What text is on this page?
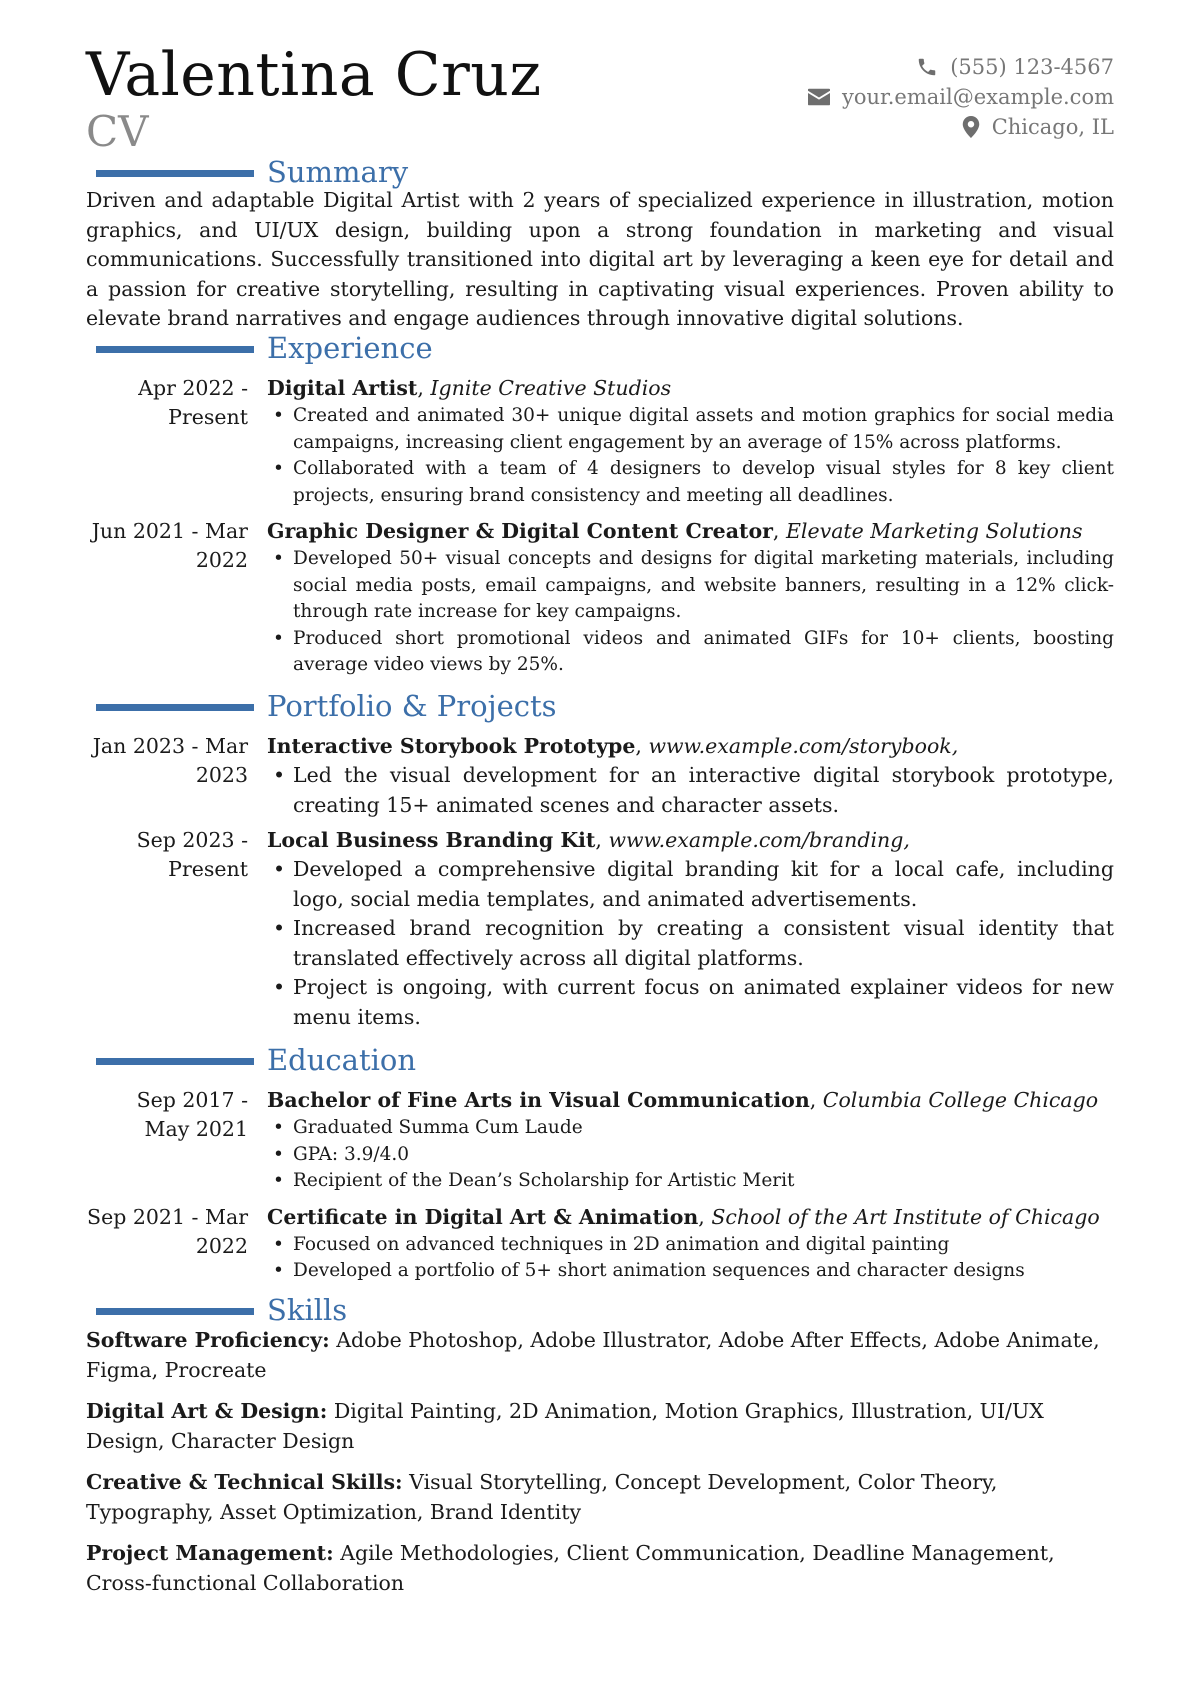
Valentina Cruz
CV
(555) 123-4567
your.email@example.com
Chicago, IL
Summary

Driven and adaptable Digital Artist with 2 years of specialized experience in illustration, motion graphics, and UI/UX design, building upon a strong foundation in marketing and visual communications. Successfully transitioned into digital art by leveraging a keen eye for detail and a passion for creative storytelling, resulting in captivating visual experiences. Proven ability to elevate brand narratives and engage audiences through innovative digital solutions.

Experience
Apr 2022 - Present
Digital Artist, Ignite Creative Studios
• Created and animated 30+ unique digital assets and motion graphics for social media campaigns, increasing client engagement by an average of 15% across platforms.
• Collaborated with a team of 4 designers to develop visual styles for 8 key client projects, ensuring brand consistency and meeting all deadlines.
Jun 2021 - Mar 2022
Graphic Designer & Digital Content Creator, Elevate Marketing Solutions
• Developed 50+ visual concepts and designs for digital marketing materials, including social media posts, email campaigns, and website banners, resulting in a 12% click-through rate increase for key campaigns.
• Produced short promotional videos and animated GIFs for 10+ clients, boosting average video views by 25%.
Portfolio & Projects
Jan 2023 - Mar 2023
Interactive Storybook Prototype, www.example.com/storybook,
• Led the visual development for an interactive digital storybook prototype, creating 15+ animated scenes and character assets.
Sep 2023 - Present
Local Business Branding Kit, www.example.com/branding,
• Developed a comprehensive digital branding kit for a local cafe, including logo, social media templates, and animated advertisements.
• Increased brand recognition by creating a consistent visual identity that translated effectively across all digital platforms.
• Project is ongoing, with current focus on animated explainer videos for new menu items.
Education
Sep 2017 - May 2021
Bachelor of Fine Arts in Visual Communication, Columbia College Chicago
• Graduated Summa Cum Laude
• GPA: 3.9/4.0
• Recipient of the Dean’s Scholarship for Artistic Merit
Sep 2021 - Mar 2022
Certificate in Digital Art & Animation, School of the Art Institute of Chicago
• Focused on advanced techniques in 2D animation and digital painting
• Developed a portfolio of 5+ short animation sequences and character designs
Skills

Software Proficiency: Adobe Photoshop, Adobe Illustrator, Adobe After Effects, Adobe Animate, Figma, Procreate

Digital Art & Design: Digital Painting, 2D Animation, Motion Graphics, Illustration, UI/UX Design, Character Design

Creative & Technical Skills: Visual Storytelling, Concept Development, Color Theory, Typography, Asset Optimization, Brand Identity

Project Management: Agile Methodologies, Client Communication, Deadline Management, Cross-functional Collaboration
